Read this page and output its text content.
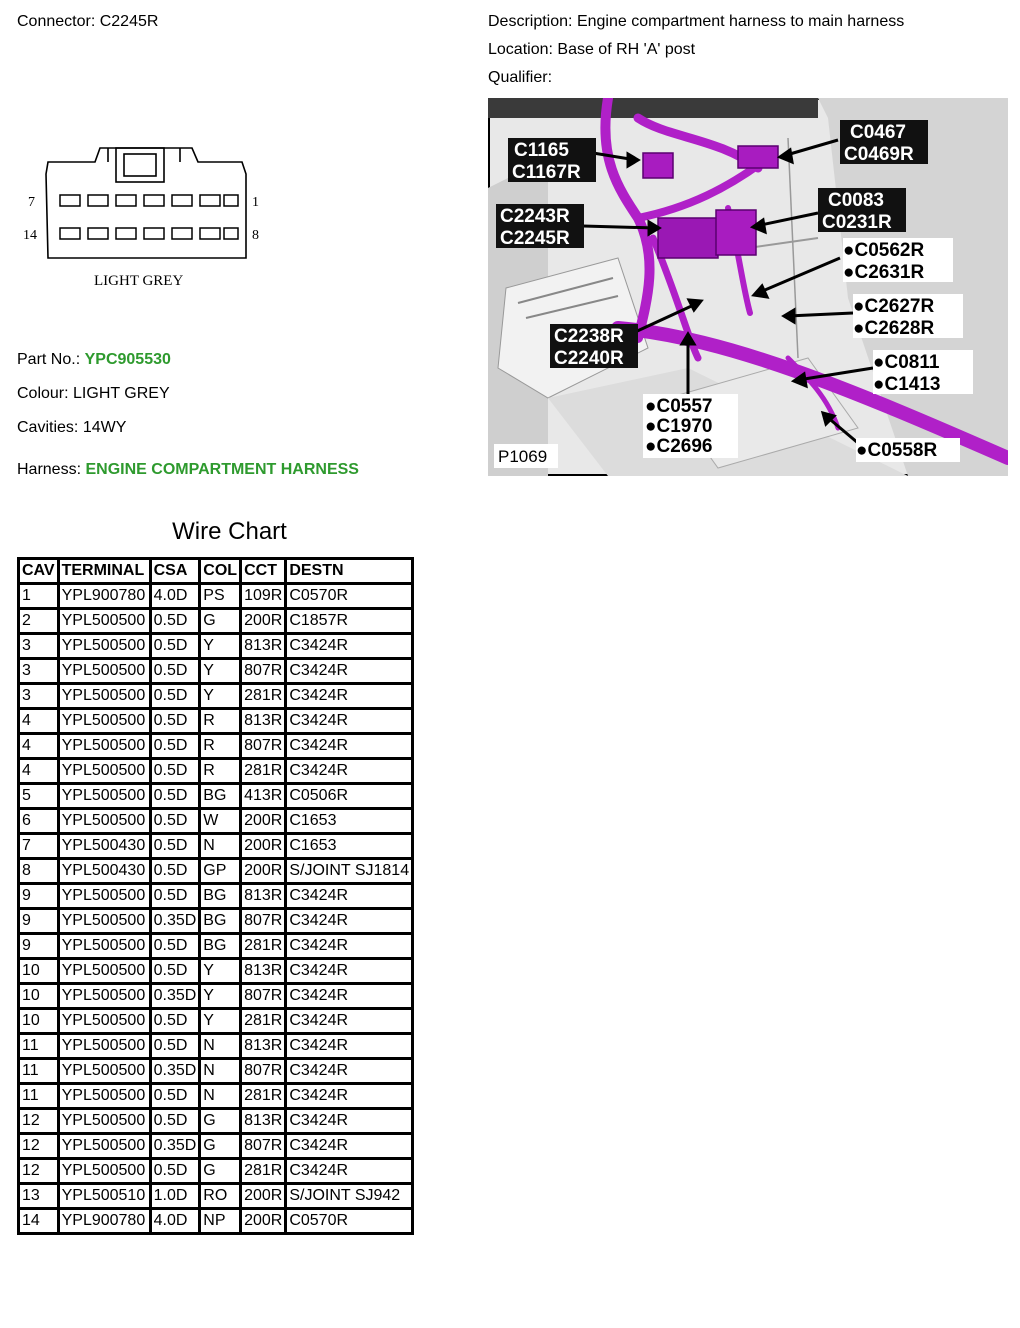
Connector: C2245R	Description: Engine compartment harness to main harness
Location: Base of RH 'A' post
Qualifier:
7	1
14	8
LIGHT GREY
Part No.: YPC905530
Colour: LIGHT GREY
Cavities: 14WY
Harness: ENGINE COMPARTMENT HARNESS
C1165
C1167R
C0467
C0469R
C2243R
C2245R
C0083
C0231R
●C0562R
●C2631R
●C2627R
●C2628R
C2238R
C2240R	●C0811
●C1413
●C0557
●C1970
●C2696	●C0558R
P1069
Wire Chart
CAV	TERMINAL	CSA	COL	CCT	DESTN
1	YPL900780	4.0D	PS	109R	C0570R
2	YPL500500	0.5D	G	200R	C1857R
3	YPL500500	0.5D	Y	813R	C3424R
3	YPL500500	0.5D	Y	807R	C3424R
3	YPL500500	0.5D	Y	281R	C3424R
4	YPL500500	0.5D	R	813R	C3424R
4	YPL500500	0.5D	R	807R	C3424R
4	YPL500500	0.5D	R	281R	C3424R
5	YPL500500	0.5D	BG	413R	C0506R
6	YPL500500	0.5D	W	200R	C1653
7	YPL500430	0.5D	N	200R	C1653
8	YPL500430	0.5D	GP	200R	S/JOINT SJ1814
9	YPL500500	0.5D	BG	813R	C3424R
9	YPL500500	0.35D	BG	807R	C3424R
9	YPL500500	0.5D	BG	281R	C3424R
10	YPL500500	0.5D	Y	813R	C3424R
10	YPL500500	0.35D	Y	807R	C3424R
10	YPL500500	0.5D	Y	281R	C3424R
11	YPL500500	0.5D	N	813R	C3424R
11	YPL500500	0.35D	N	807R	C3424R
11	YPL500500	0.5D	N	281R	C3424R
12	YPL500500	0.5D	G	813R	C3424R
12	YPL500500	0.35D	G	807R	C3424R
12	YPL500500	0.5D	G	281R	C3424R
13	YPL500510	1.0D	RO	200R	S/JOINT SJ942
14	YPL900780	4.0D	NP	200R	C0570R
